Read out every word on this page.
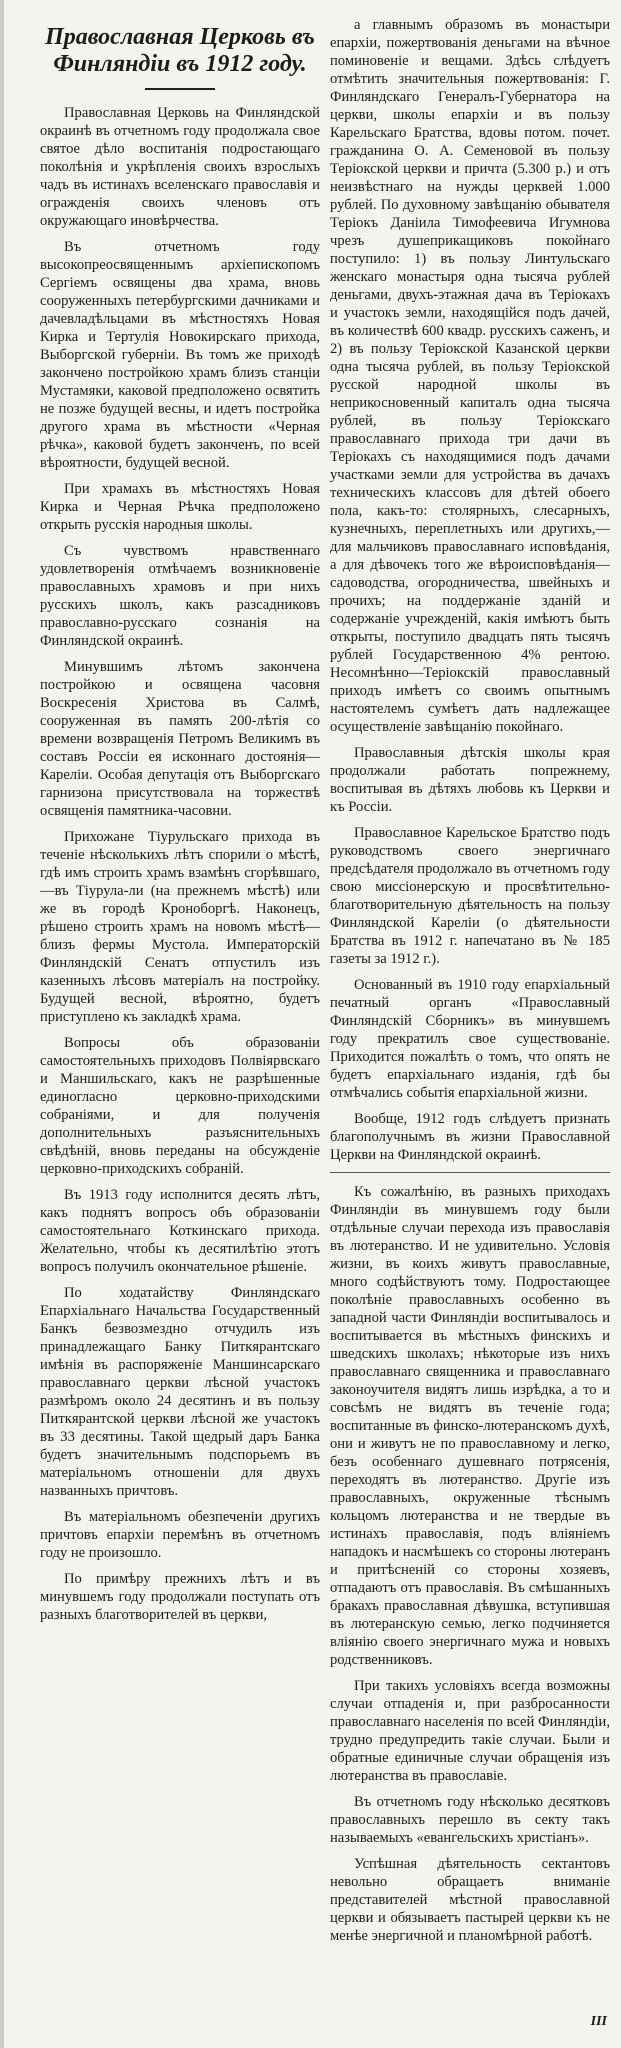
Православная Церковь въ Финляндіи въ 1912 году.

Православная Церковь на Финляндской окраинѣ въ отчетномъ году продолжала свое святое дѣло воспитанія подростающаго поколѣнія и укрѣпленія своихъ взрослыхъ чадъ въ истинахъ вселенскаго православія и огражденія своихъ членовъ отъ окружающаго иновѣрчества.

Въ отчетномъ году высокопреосвященнымъ архіепископомъ Сергіемъ освящены два храма, вновь сооруженныхъ петербургскими дачниками и дачевладѣльцами въ мѣстностяхъ Новая Кирка и Тертулія Новокирскаго прихода, Выборгской губерніи. Въ томъ же приходѣ закончено постройкою храмъ близъ станціи Мустамяки, каковой предположено освятить не позже будущей весны, и идетъ постройка другого храма въ мѣстности «Черная рѣчка», каковой будетъ законченъ, по всей вѣроятности, будущей весной.

При храмахъ въ мѣстностяхъ Новая Кирка и Черная Рѣчка предположено открыть русскія народныя школы.

Съ чувствомъ нравственнаго удовлетворенія отмѣчаемъ возникновеніе православныхъ храмовъ и при нихъ русскихъ школъ, какъ разсадниковъ православно-русскаго сознанія на Финляндской окраинѣ.

Минувшимъ лѣтомъ закончена постройкою и освящена часовня Воскресенія Христова въ Салмѣ, сооруженная въ память 200-лѣтія со времени возвращенія Петромъ Великимъ въ составъ Россіи ея исконнаго достоянія—Кареліи. Особая депутація отъ Выборгскаго гарнизона присутствовала на торжествѣ освященія памятника-часовни.

Прихожане Тіурульскаго прихода въ теченіе нѣсколькихъ лѣтъ спорили о мѣстѣ, гдѣ имъ строить храмъ взамѣнъ сгорѣвшаго,—въ Тіурула-ли (на прежнемъ мѣстѣ) или же въ городѣ Кроноборгѣ. Наконецъ, рѣшено строить храмъ на новомъ мѣстѣ—близъ фермы Мустола. Императорскій Финляндскій Сенатъ отпустилъ изъ казенныхъ лѣсовъ матеріалъ на постройку. Будущей весной, вѣроятно, будетъ приступлено къ закладкѣ храма.

Вопросы объ образованіи самостоятельныхъ приходовъ Полвіярвскаго и Маншильскаго, какъ не разрѣшенные единогласно церковно-приходскими собраніями, и для полученія дополнительныхъ разъяснительныхъ свѣдѣній, вновь переданы на обсужденіе церковно-приходскихъ собраній.

Въ 1913 году исполнится десять лѣтъ, какъ поднятъ вопросъ объ образованіи самостоятельнаго Коткинскаго прихода. Желательно, чтобы къ десятилѣтію этотъ вопросъ получилъ окончательное рѣшеніе.

По ходатайству Финляндскаго Епархіальнаго Начальства Государственный Банкъ безвозмездно отчудилъ изъ принадлежащаго Банку Питкярантскаго имѣнія въ распоряженіе Маншинсарскаго православнаго церкви лѣсной участокъ размѣромъ около 24 десятинъ и въ пользу Питкярантской церкви лѣсной же участокъ въ 33 десятины. Такой щедрый даръ Банка будетъ значительнымъ подспорьемъ въ матеріальномъ отношеніи для двухъ названныхъ причтовъ.

Въ матеріальномъ обезпеченіи другихъ причтовъ епархіи перемѣнъ въ отчетномъ году не произошло.

По примѣру прежнихъ лѣтъ и въ минувшемъ году продолжали поступать отъ разныхъ благотворителей въ церкви,

а главнымъ образомъ въ монастыри епархіи, пожертвованія деньгами на вѣчное поминовеніе и вещами. Здѣсь слѣдуетъ отмѣтить значительныя пожертвованія: Г. Финляндскаго Генералъ-Губернатора на церкви, школы епархіи и въ пользу Карельскаго Братства, вдовы потом. почет. гражданина О. А. Семеновой въ пользу Теріокской церкви и причта (5.300 р.) и отъ неизвѣстнаго на нужды церквей 1.000 рублей. По духовному завѣщанію обывателя Теріокъ Даніила Тимофеевича Игумнова чрезъ душеприкащиковъ покойнаго поступило: 1) въ пользу Линтульскаго женскаго монастыря одна тысяча рублей деньгами, двухъ-этажная дача въ Теріокахъ и участокъ земли, находящійся подъ дачей, въ количествѣ 600 квадр. русскихъ саженъ, и 2) въ пользу Теріокской Казанской церкви одна тысяча рублей, въ пользу Теріокской русской народной школы въ неприкосновенный капиталъ одна тысяча рублей, въ пользу Теріокскаго православнаго прихода три дачи въ Теріокахъ съ находящимися подъ дачами участками земли для устройства въ дачахъ техническихъ классовъ для дѣтей обоего пола, какъ-то: столярныхъ, слесарныхъ, кузнечныхъ, переплетныхъ или другихъ,—для мальчиковъ православнаго исповѣданія, а для дѣвочекъ того же вѣроисповѣданія—садоводства, огородничества, швейныхъ и прочихъ; на поддержаніе зданій и содержаніе учрежденій, какія имѣютъ быть открыты, поступило двадцать пять тысячъ рублей Государственною 4% рентою. Несомнѣнно—Теріокскій православный приходъ имѣетъ со своимъ опытнымъ настоятелемъ сумѣетъ дать надлежащее осуществленіе завѣщанію покойнаго.

Православныя дѣтскія школы края продолжали работать попрежнему, воспитывая въ дѣтяхъ любовь къ Церкви и къ Россіи.

Православное Карельское Братство подъ руководствомъ своего энергичнаго предсѣдателя продолжало въ отчетномъ году свою миссіонерскую и просвѣтительно-благотворительную дѣятельность на пользу Финляндской Кареліи (о дѣятельности Братства въ 1912 г. напечатано въ № 185 газеты за 1912 г.).

Основанный въ 1910 году епархіальный печатный органъ «Православный Финляндскій Сборникъ» въ минувшемъ году прекратилъ свое существованіе. Приходится пожалѣть о томъ, что опять не будетъ епархіальнаго изданія, гдѣ бы отмѣчались событія епархіальной жизни.

Вообще, 1912 годъ слѣдуетъ признать благополучнымъ въ жизни Православной Церкви на Финляндской окраинѣ.

Къ сожалѣнію, въ разныхъ приходахъ Финляндіи въ минувшемъ году были отдѣльные случаи перехода изъ православія въ лютеранство. И не удивительно. Условія жизни, въ коихъ живутъ православные, много содѣйствуютъ тому. Подростающее поколѣніе православныхъ особенно въ западной части Финляндіи воспитывалось и воспитывается въ мѣстныхъ финскихъ и шведскихъ школахъ; нѣкоторые изъ нихъ православнаго священника и православнаго законоучителя видятъ лишь изрѣдка, а то и совсѣмъ не видятъ въ теченіе года; воспитанные въ финско-лютеранскомъ духѣ, они и живутъ не по православному и легко, безъ особеннаго душевнаго потрясенія, переходятъ въ лютеранство. Другіе изъ православныхъ, окруженные тѣснымъ кольцомъ лютеранства и не твердые въ истинахъ православія, подъ вліяніемъ нападокъ и насмѣшекъ со стороны лютеранъ и притѣсненій со стороны хозяевъ, отпадаютъ отъ православія. Въ смѣшанныхъ бракахъ православная дѣвушка, вступившая въ лютеранскую семью, легко подчиняется вліянію своего энергичнаго мужа и новыхъ родственниковъ.

При такихъ условіяхъ всегда возможны случаи отпаденія и, при разбросанности православнаго населенія по всей Финляндіи, трудно предупредить такіе случаи. Были и обратные единичные случаи обращенія изъ лютеранства въ православіе.

Въ отчетномъ году нѣсколько десятковъ православныхъ перешло въ секту такъ называемыхъ «евангельскихъ христіанъ».

Успѣшная дѣятельность сектантовъ невольно обращаетъ вниманіе представителей мѣстной православной церкви и обязываетъ пастырей церкви къ не менѣе энергичной и планомѣрной работѣ.

III
